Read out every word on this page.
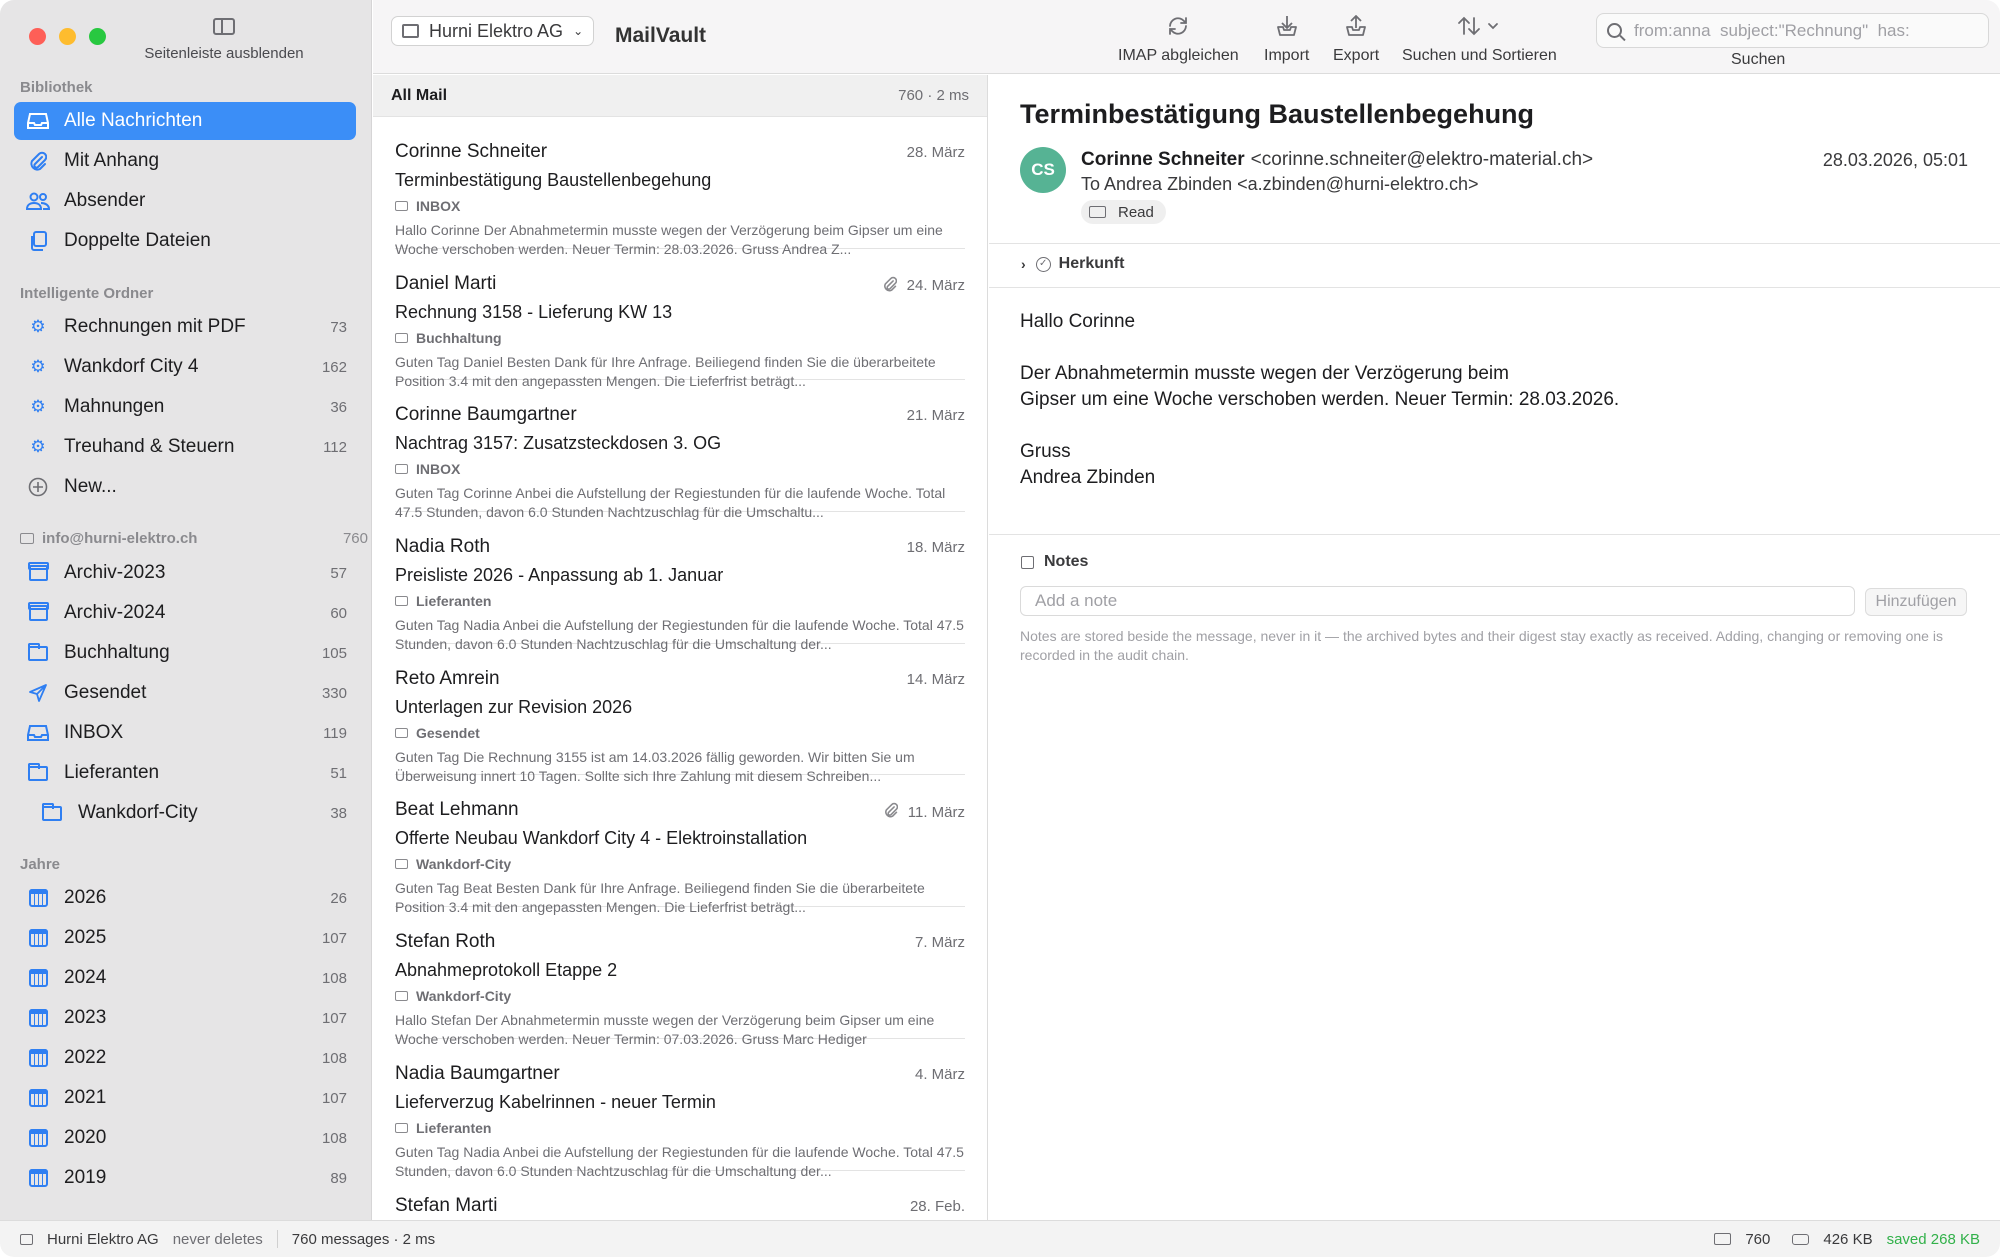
Seitenleiste ausblenden
Bibliothek
Alle Nachrichten
Mit Anhang
Absender
Doppelte Dateien
Intelligente Ordner
⚙ Rechnungen mit PDF	73
⚙ Wankdorf City 4	162
⚙ Mahnungen	36
⚙ Treuhand & Steuern	112
New...
info@hurni-elektro.ch	760
Archiv-2023	57
Archiv-2024	60
Buchhaltung	105
Gesendet	330
INBOX	119
Lieferanten	51
Wankdorf-City	38
Jahre
2026	26
2025	107
2024	108
2023	107
2022	108
2021	107
2020	108
2019	89
Hurni Elektro AG ⌄ MailVault
IMAP abgleichen Import Export Suchen und Sortieren
from:anna subject:"Rechnung" has:	Suchen
All Mail	760 · 2 ms
Corinne Schneiter	28. März
Terminbestätigung Baustellenbegehung
INBOX
Hallo Corinne Der Abnahmetermin musste wegen der Verzögerung beim Gipser um eine Woche verschoben werden. Neuer Termin: 28.03.2026. Gruss Andrea Z...
Daniel Marti	24. März
Rechnung 3158 - Lieferung KW 13
Buchhaltung
Guten Tag Daniel Besten Dank für Ihre Anfrage. Beiliegend finden Sie die überarbeitete Position 3.4 mit den angepassten Mengen. Die Lieferfrist beträgt...
Corinne Baumgartner	21. März
Nachtrag 3157: Zusatzsteckdosen 3. OG
INBOX
Guten Tag Corinne Anbei die Aufstellung der Regiestunden für die laufende Woche. Total 47.5 Stunden, davon 6.0 Stunden Nachtzuschlag für die Umschaltu...
Nadia Roth	18. März
Preisliste 2026 - Anpassung ab 1. Januar
Lieferanten
Guten Tag Nadia Anbei die Aufstellung der Regiestunden für die laufende Woche. Total 47.5 Stunden, davon 6.0 Stunden Nachtzuschlag für die Umschaltung der...
Reto Amrein	14. März
Unterlagen zur Revision 2026
Gesendet
Guten Tag Die Rechnung 3155 ist am 14.03.2026 fällig geworden. Wir bitten Sie um Überweisung innert 10 Tagen. Sollte sich Ihre Zahlung mit diesem Schreiben...
Beat Lehmann	11. März
Offerte Neubau Wankdorf City 4 - Elektroinstallation
Wankdorf-City
Guten Tag Beat Besten Dank für Ihre Anfrage. Beiliegend finden Sie die überarbeitete Position 3.4 mit den angepassten Mengen. Die Lieferfrist beträgt...
Stefan Roth	7. März
Abnahmeprotokoll Etappe 2
Wankdorf-City
Hallo Stefan Der Abnahmetermin musste wegen der Verzögerung beim Gipser um eine Woche verschoben werden. Neuer Termin: 07.03.2026. Gruss Marc Hediger
Nadia Baumgartner	4. März
Lieferverzug Kabelrinnen - neuer Termin
Lieferanten
Guten Tag Nadia Anbei die Aufstellung der Regiestunden für die laufende Woche. Total 47.5 Stunden, davon 6.0 Stunden Nachtzuschlag für die Umschaltung der...
Stefan Marti	28. Feb.
Terminbestätigung Baustellenbegehung
CS	Corinne Schneiter <corinne.schneiter@elektro-material.ch>	28.03.2026, 05:01
To Andrea Zbinden <a.zbinden@hurni-elektro.ch>
Read
›	✓ Herkunft

Hallo Corinne

Der Abnahmetermin musste wegen der Verzögerung beim

Gipser um eine Woche verschoben werden. Neuer Termin: 28.03.2026.

Gruss

Andrea Zbinden

Notes
Add a note
Hinzufügen
Notes are stored beside the message, never in it — the archived bytes and their digest stay exactly as received. Adding, changing or removing one is recorded in the audit chain.
Hurni Elektro AG never deletes 760 messages · 2 ms	760	426 KB saved 268 KB
